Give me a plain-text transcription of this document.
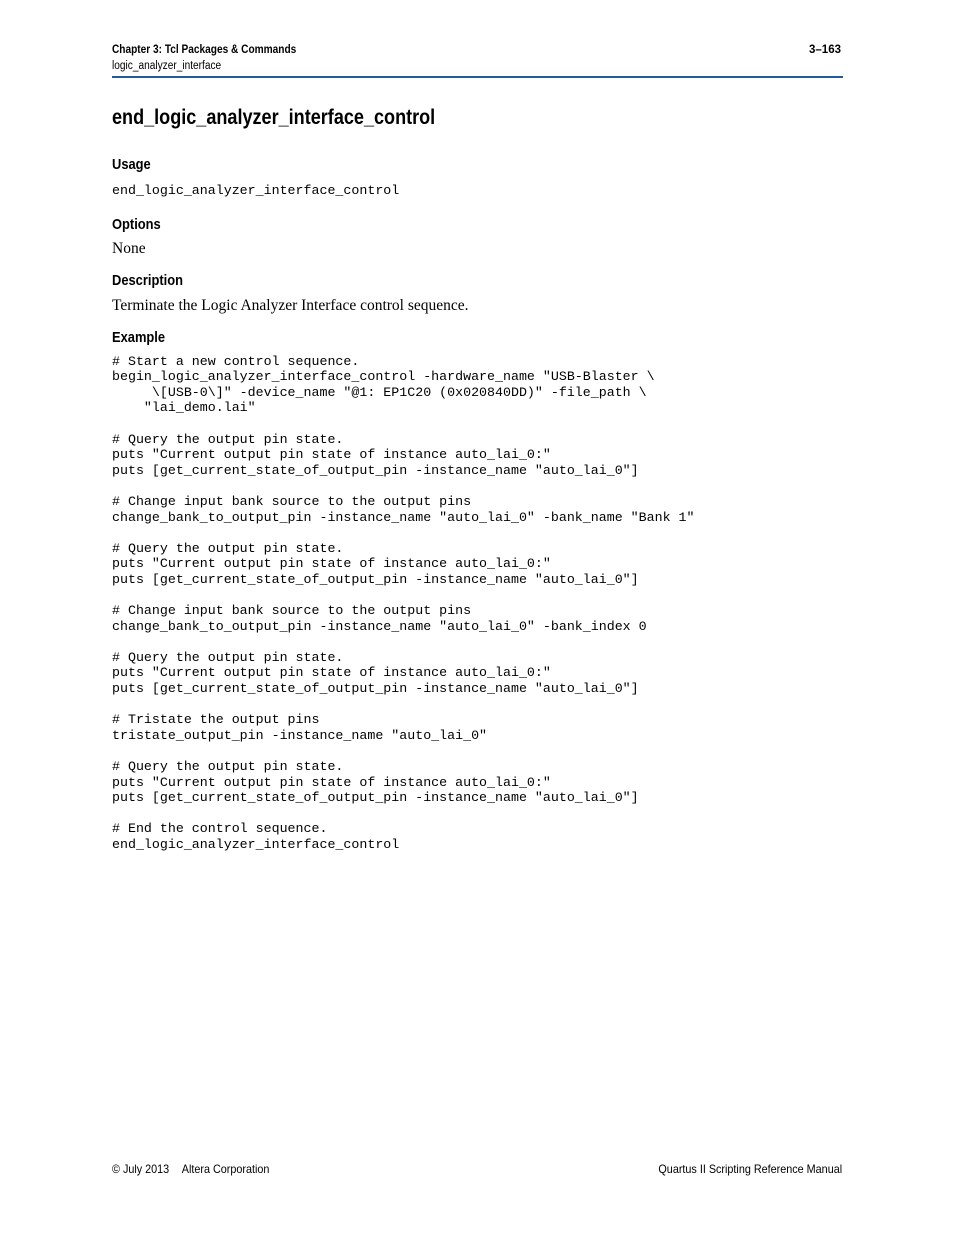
Chapter 3: Tcl Packages & Commands
logic_analyzer_interface
3–163
end_logic_analyzer_interface_control
Usage
end_logic_analyzer_interface_control
Options

None

Description

Terminate the Logic Analyzer Interface control sequence.

Example
# Start a new control sequence.
begin_logic_analyzer_interface_control -hardware_name "USB-Blaster \
\[USB-0\]" -device_name "@1: EP1C20 (0x020840DD)" -file_path \
"lai_demo.lai"
# Query the output pin state.
puts "Current output pin state of instance auto_lai_0:"
puts [get_current_state_of_output_pin -instance_name "auto_lai_0"]
# Change input bank source to the output pins
change_bank_to_output_pin -instance_name "auto_lai_0" -bank_name "Bank 1"
# Query the output pin state.
puts "Current output pin state of instance auto_lai_0:"
puts [get_current_state_of_output_pin -instance_name "auto_lai_0"]
# Change input bank source to the output pins
change_bank_to_output_pin -instance_name "auto_lai_0" -bank_index 0
# Query the output pin state.
puts "Current output pin state of instance auto_lai_0:"
puts [get_current_state_of_output_pin -instance_name "auto_lai_0"]
# Tristate the output pins
tristate_output_pin -instance_name "auto_lai_0"
# Query the output pin state.
puts "Current output pin state of instance auto_lai_0:"
puts [get_current_state_of_output_pin -instance_name "auto_lai_0"]
# End the control sequence.
end_logic_analyzer_interface_control
© July 2013 Altera Corporation	Quartus II Scripting Reference Manual
